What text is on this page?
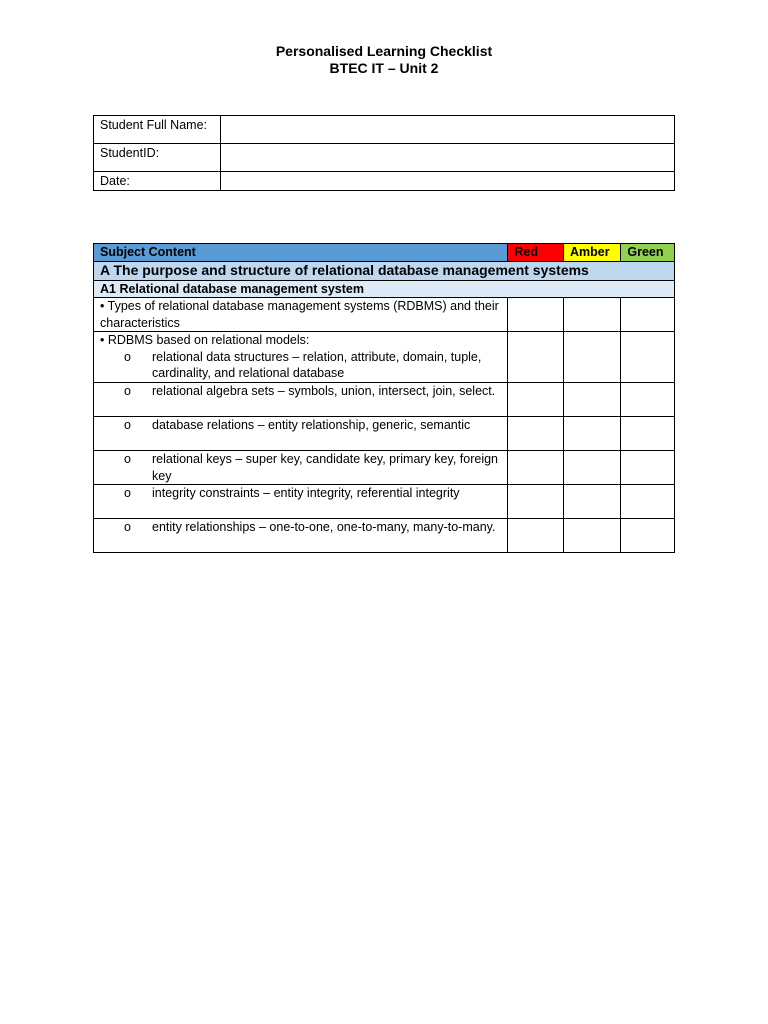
Personalised Learning Checklist
BTEC IT – Unit 2
Student Full Name:	
StudentID:	
Date:	
Subject Content	Red	Amber	Green
A The purpose and structure of relational database management systems			
A1 Relational database management system			
• Types of relational database management systems (RDBMS) and their characteristics			

• RDBMS based on relational models:
o relational data structures – relation, attribute, domain, tuple, cardinality, and relational database			

o relational algebra sets – symbols, union, intersect, join, select.			

o database relations – entity relationship, generic, semantic			

o relational keys – super key, candidate key, primary key, foreign key			

o integrity constraints – entity integrity, referential integrity			

o entity relationships – one-to-one, one-to-many, many-to-many.			
